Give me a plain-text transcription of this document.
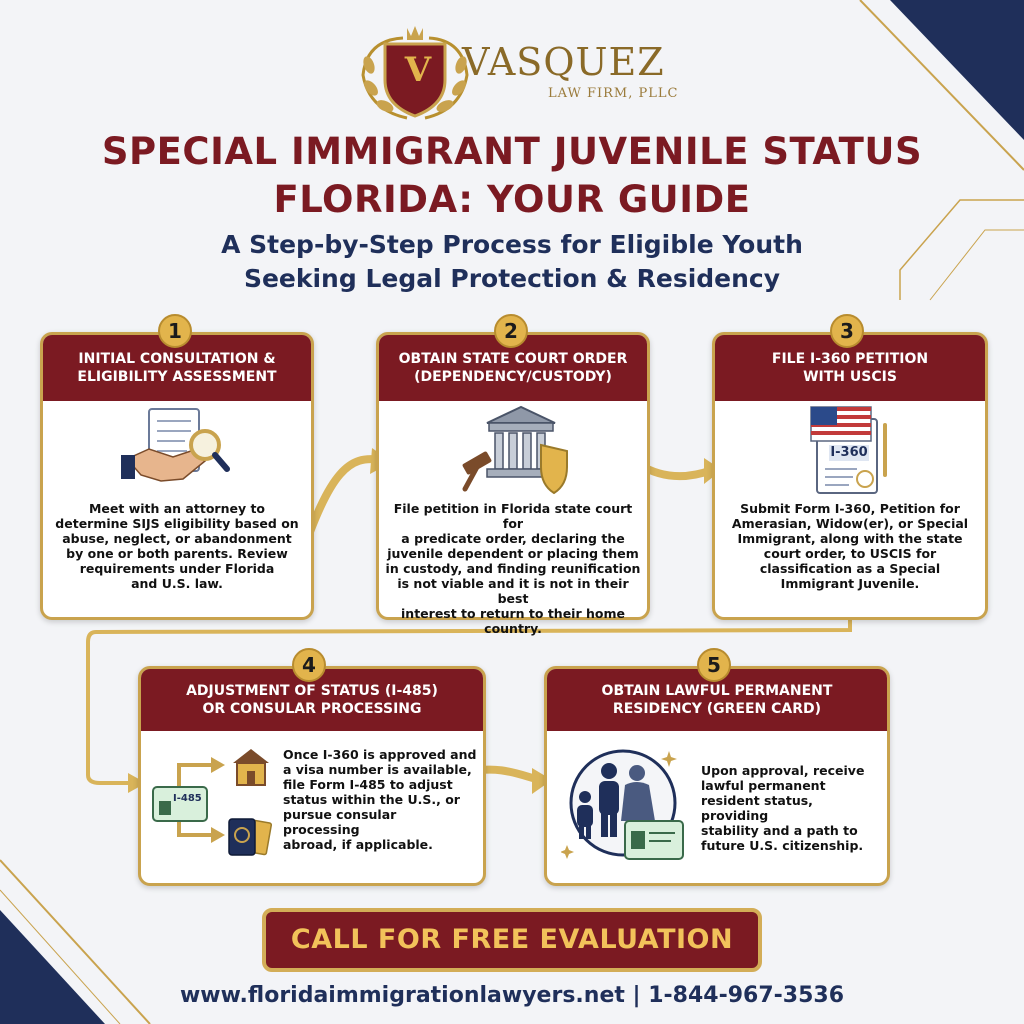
V VASQUEZ
LAW FIRM, PLLC
SPECIAL IMMIGRANT JUVENILE STATUS
FLORIDA: YOUR GUIDE
A Step-by-Step Process for Eligible Youth
Seeking Legal Protection & Residency
INITIAL CONSULTATION &
ELIGIBILITY ASSESSMENT
Meet with an attorney to
determine SIJS eligibility based on
abuse, neglect, or abandonment
by one or both parents. Review
requirements under Florida
and U.S. law.
1
OBTAIN STATE COURT ORDER
(DEPENDENCY/CUSTODY)
File petition in Florida state court for
a predicate order, declaring the
juvenile dependent or placing them
in custody, and finding reunification
is not viable and it is not in their best
interest to return to their home country.
2
FILE I-360 PETITION
WITH USCIS
I-360
Submit Form I-360, Petition for
Amerasian, Widow(er), or Special
Immigrant, along with the state
court order, to USCIS for
classification as a Special
Immigrant Juvenile.
3
ADJUSTMENT OF STATUS (I-485)
OR CONSULAR PROCESSING
I-485
Once I-360 is approved and
a visa number is available,
file Form I-485 to adjust
status within the U.S., or
pursue consular processing
abroad, if applicable.
4
OBTAIN LAWFUL PERMANENT
RESIDENCY (GREEN CARD)
Upon approval, receive
lawful permanent
resident status, providing
stability and a path to
future U.S. citizenship.
5
CALL FOR FREE EVALUATION
www.floridaimmigrationlawyers.net | 1-844-967-3536
